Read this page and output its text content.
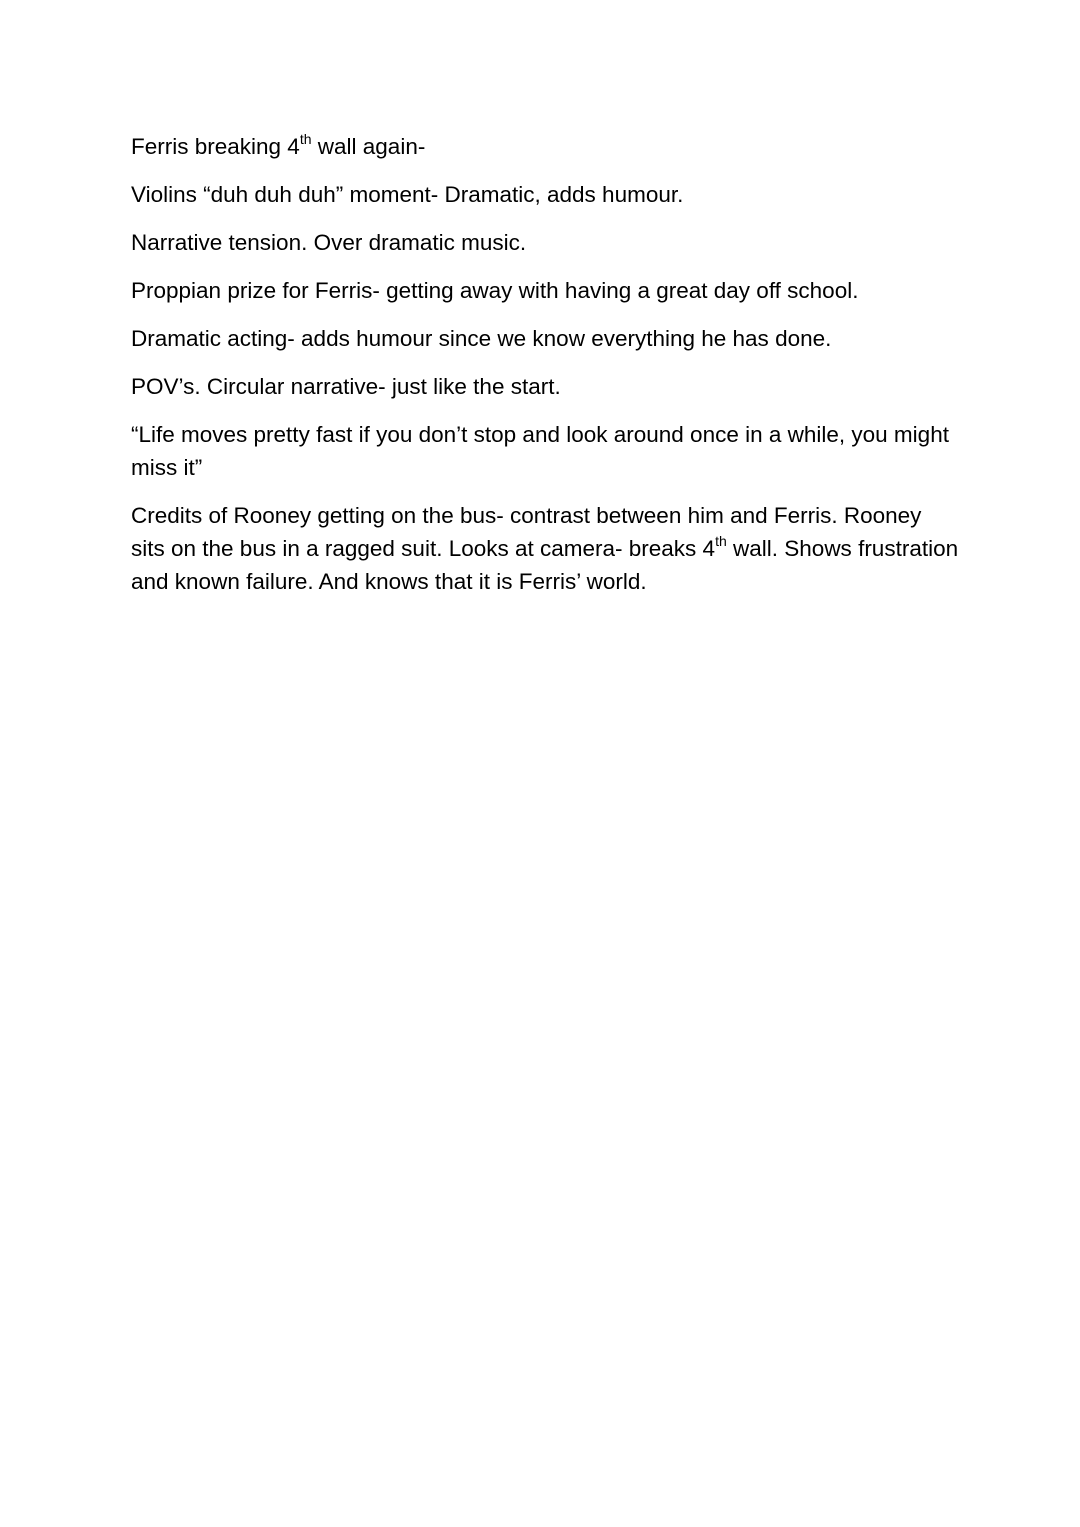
Ferris breaking 4th wall again-

Violins “duh duh duh” moment- Dramatic, adds humour.

Narrative tension. Over dramatic music.

Proppian prize for Ferris- getting away with having a great day off school.

Dramatic acting- adds humour since we know everything he has done.

POV’s. Circular narrative- just like the start.

“Life moves pretty fast if you don’t stop and look around once in a while, you might miss it”

Credits of Rooney getting on the bus- contrast between him and Ferris. Rooney sits on the bus in a ragged suit. Looks at camera- breaks 4th wall. Shows frustration and known failure. And knows that it is Ferris’ world.
